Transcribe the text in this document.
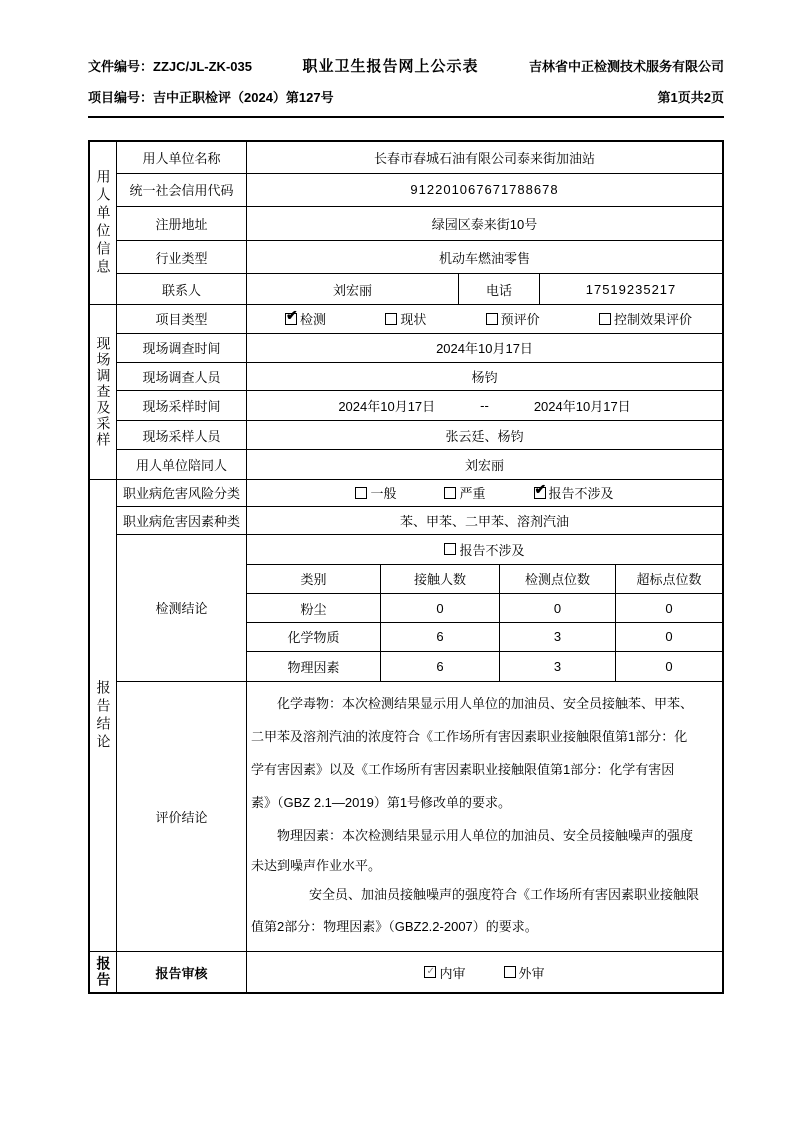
文件编号：ZZJC/JL-ZK-035	职业卫生报告网上公示表	吉林省中正检测技术服务有限公司
项目编号：吉中正职检评（2024）第127号	第1页共2页
用人单位信息
用人单位名称	长春市春城石油有限公司泰来街加油站
统一社会信用代码	912201067671788678
注册地址	绿园区泰来街10号
行业类型	机动车燃油零售
联系人	刘宏丽	电话	17519235217
现场调查及采样
项目类型	✔ 检测	现状	预评价	控制效果评价
现场调查时间	2024年10月17日
现场调查人员	杨钧
现场采样时间	2024年10月17日	--	2024年10月17日
现场采样人员	张云廷、杨钧
用人单位陪同人	刘宏丽
报告结论
职业病危害风险分类	一般	严重	✔ 报告不涉及
职业病危害因素种类	苯、甲苯、二甲苯、溶剂汽油
检测结论
报告不涉及
类别	接触人数	检测点位数	超标点位数
粉尘	0	0	0
化学物质	6	3	0
物理因素	6	3	0
评价结论
化学毒物：本次检测结果显示用人单位的加油员、安全员接触苯、甲苯、
二甲苯及溶剂汽油的浓度符合《工作场所有害因素职业接触限值第1部分：化
学有害因素》以及《工作场所有害因素职业接触限值第1部分：化学有害因
素》（GBZ 2.1—2019）第1号修改单的要求。
物理因素：本次检测结果显示用人单位的加油员、安全员接触噪声的强度
未达到噪声作业水平。
安全员、加油员接触噪声的强度符合《工作场所有害因素职业接触限
值第2部分：物理因素》（GBZ2.2-2007）的要求。
报告	报告审核	✓ 内审	外审
